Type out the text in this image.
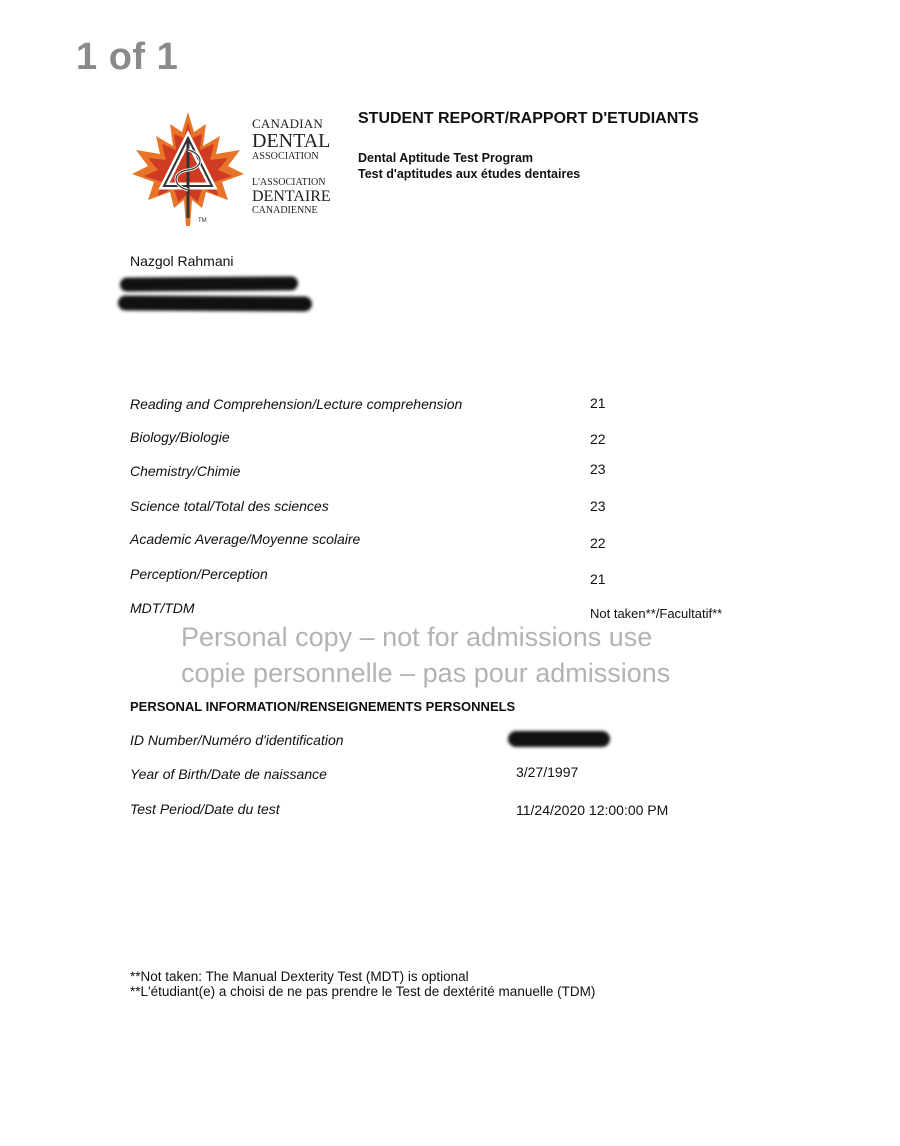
1 of 1
TM
CANADIAN
DENTAL
ASSOCIATION
L'ASSOCIATION
DENTAIRE
CANADIENNE
STUDENT REPORT/RAPPORT D'ETUDIANTS
Dental Aptitude Test Program
Test d'aptitudes aux études dentaires
Nazgol Rahmani
Reading and Comprehension/Lecture comprehension	21
Biology/Biologie	22
Chemistry/Chimie	23
Science total/Total des sciences	23
Academic Average/Moyenne scolaire	22
Perception/Perception	21
MDT/TDM	Not taken**/Facultatif**
Personal copy – not for admissions use
copie personnelle – pas pour admissions
PERSONAL INFORMATION/RENSEIGNEMENTS PERSONNELS
ID Number/Numéro d'identification
Year of Birth/Date de naissance	3/27/1997
Test Period/Date du test	11/24/2020 12:00:00 PM
**Not taken: The Manual Dexterity Test (MDT) is optional
**L'étudiant(e) a choisi de ne pas prendre le Test de dextérité manuelle (TDM)
